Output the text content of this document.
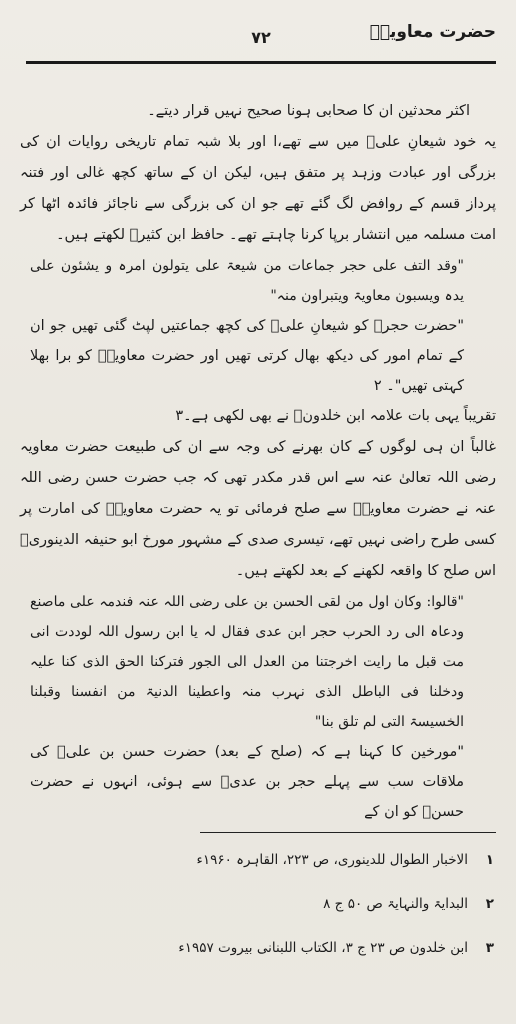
حضرت معاویہؓ
۷۲

اکثر محدثین ان کا صحابی ہونا صحیح نہیں قرار دیتے۔

یہ خود شیعانِ علیؓ میں سے تھے،ا اور بلا شبہ تمام تاریخی روایات ان کی بزرگی اور عبادت وزہد پر متفق ہیں، لیکن ان کے ساتھ کچھ غالی اور فتنہ پرداز قسم کے روافض لگ گئے تھے جو ان کی بزرگی سے ناجائز فائدہ اٹھا کر امت مسلمہ میں انتشار برپا کرنا چاہتے تھے۔ حافظ ابن کثیرؒ لکھتے ہیں۔

"وقد التف علی حجر جماعات من شیعۃ علی یتولون امرہ و یشئون علی یدہ ویسبون معاویۃ ویتبراون منہ"

"حضرت حجرؓ کو شیعانِ علیؓ کی کچھ جماعتیں لپٹ گئی تھیں جو ان کے تمام امور کی دیکھ بھال کرتی تھیں اور حضرت معاویہؓ کو برا بھلا کہتی تھیں"۔ ۲

تقریباً یہی بات علامہ ابن خلدونؒ نے بھی لکھی ہے۔۳

غالباً ان ہی لوگوں کے کان بھرنے کی وجہ سے ان کی طبیعت حضرت معاویہ رضی اللہ تعالیٰ عنہ سے اس قدر مکدر تھی کہ جب حضرت حسن رضی اللہ عنہ نے حضرت معاویہؓ سے صلح فرمائی تو یہ حضرت معاویہؓ کی امارت پر کسی طرح راضی نہیں تھے، تیسری صدی کے مشہور مورخ ابو حنیفہ الدینوریؒ اس صلح کا واقعہ لکھنے کے بعد لکھتے ہیں۔

"قالوا: وکان اول من لقی الحسن بن علی رضی اللہ عنہ فندمہ علی ماصنع ودعاہ الی رد الحرب حجر ابن عدی فقال لہ یا ابن رسول اللہ لوددت انی مت قبل ما رایت اخرجتنا من العدل الی الجور فترکنا الحق الذی کنا علیہ ودخلنا فی الباطل الذی نہرب منہ واعطینا الدنیۃ من انفسنا وقبلنا الخسیسۃ التی لم تلق بنا"

"مورخین کا کہنا ہے کہ (صلح کے بعد) حضرت حسن بن علیؓ کی ملاقات سب سے پہلے حجر بن عدیؓ سے ہوئی، انہوں نے حضرت حسنؓ کو ان کے

۱
الاخبار الطوال للدینوری، ص ۲۲۳، القاہرہ ۱۹۶۰ء
۲
البدایۃ والنہایۃ ص ۵۰ ج ۸
۳
ابن خلدون ص ۲۳ ج ۳، الکتاب اللبنانی بیروت ۱۹۵۷ء
